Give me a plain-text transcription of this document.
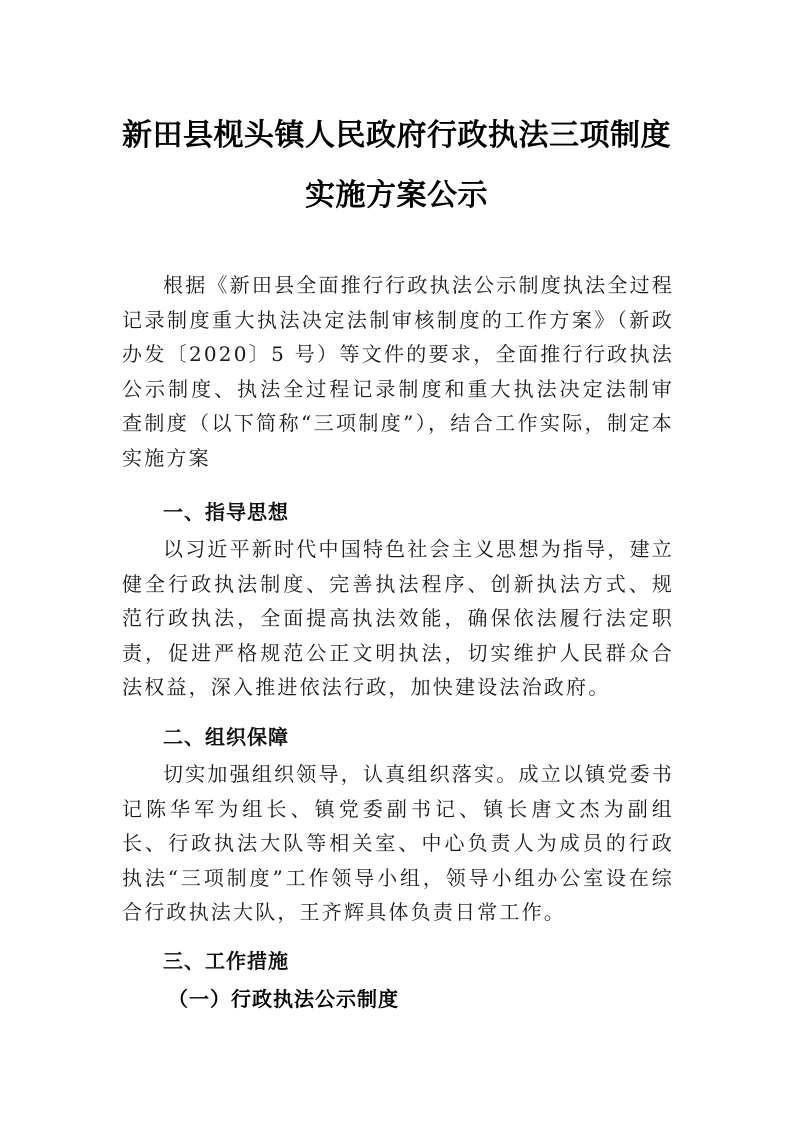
新田县枧头镇人民政府行政执法三项制度
实施方案公示

根据《新田县全面推行行政执法公示制度执法全过程记录制度重大执法决定法制审核制度的工作方案》（新政办发〔2020〕5 号）等文件的要求，全面推行行政执法公示制度、执法全过程记录制度和重大执法决定法制审查制度（以下简称“三项制度”），结合工作实际，制定本实施方案

一、指导思想

以习近平新时代中国特色社会主义思想为指导，建立健全行政执法制度、完善执法程序、创新执法方式、规范行政执法，全面提高执法效能，确保依法履行法定职责，促进严格规范公正文明执法，切实维护人民群众合法权益，深入推进依法行政，加快建设法治政府。

二、组织保障

切实加强组织领导，认真组织落实。成立以镇党委书记陈华军为组长、镇党委副书记、镇长唐文杰为副组长、行政执法大队等相关室、中心负责人为成员的行政执法“三项制度”工作领导小组，领导小组办公室设在综合行政执法大队，王齐辉具体负责日常工作。

三、工作措施
（一）行政执法公示制度
